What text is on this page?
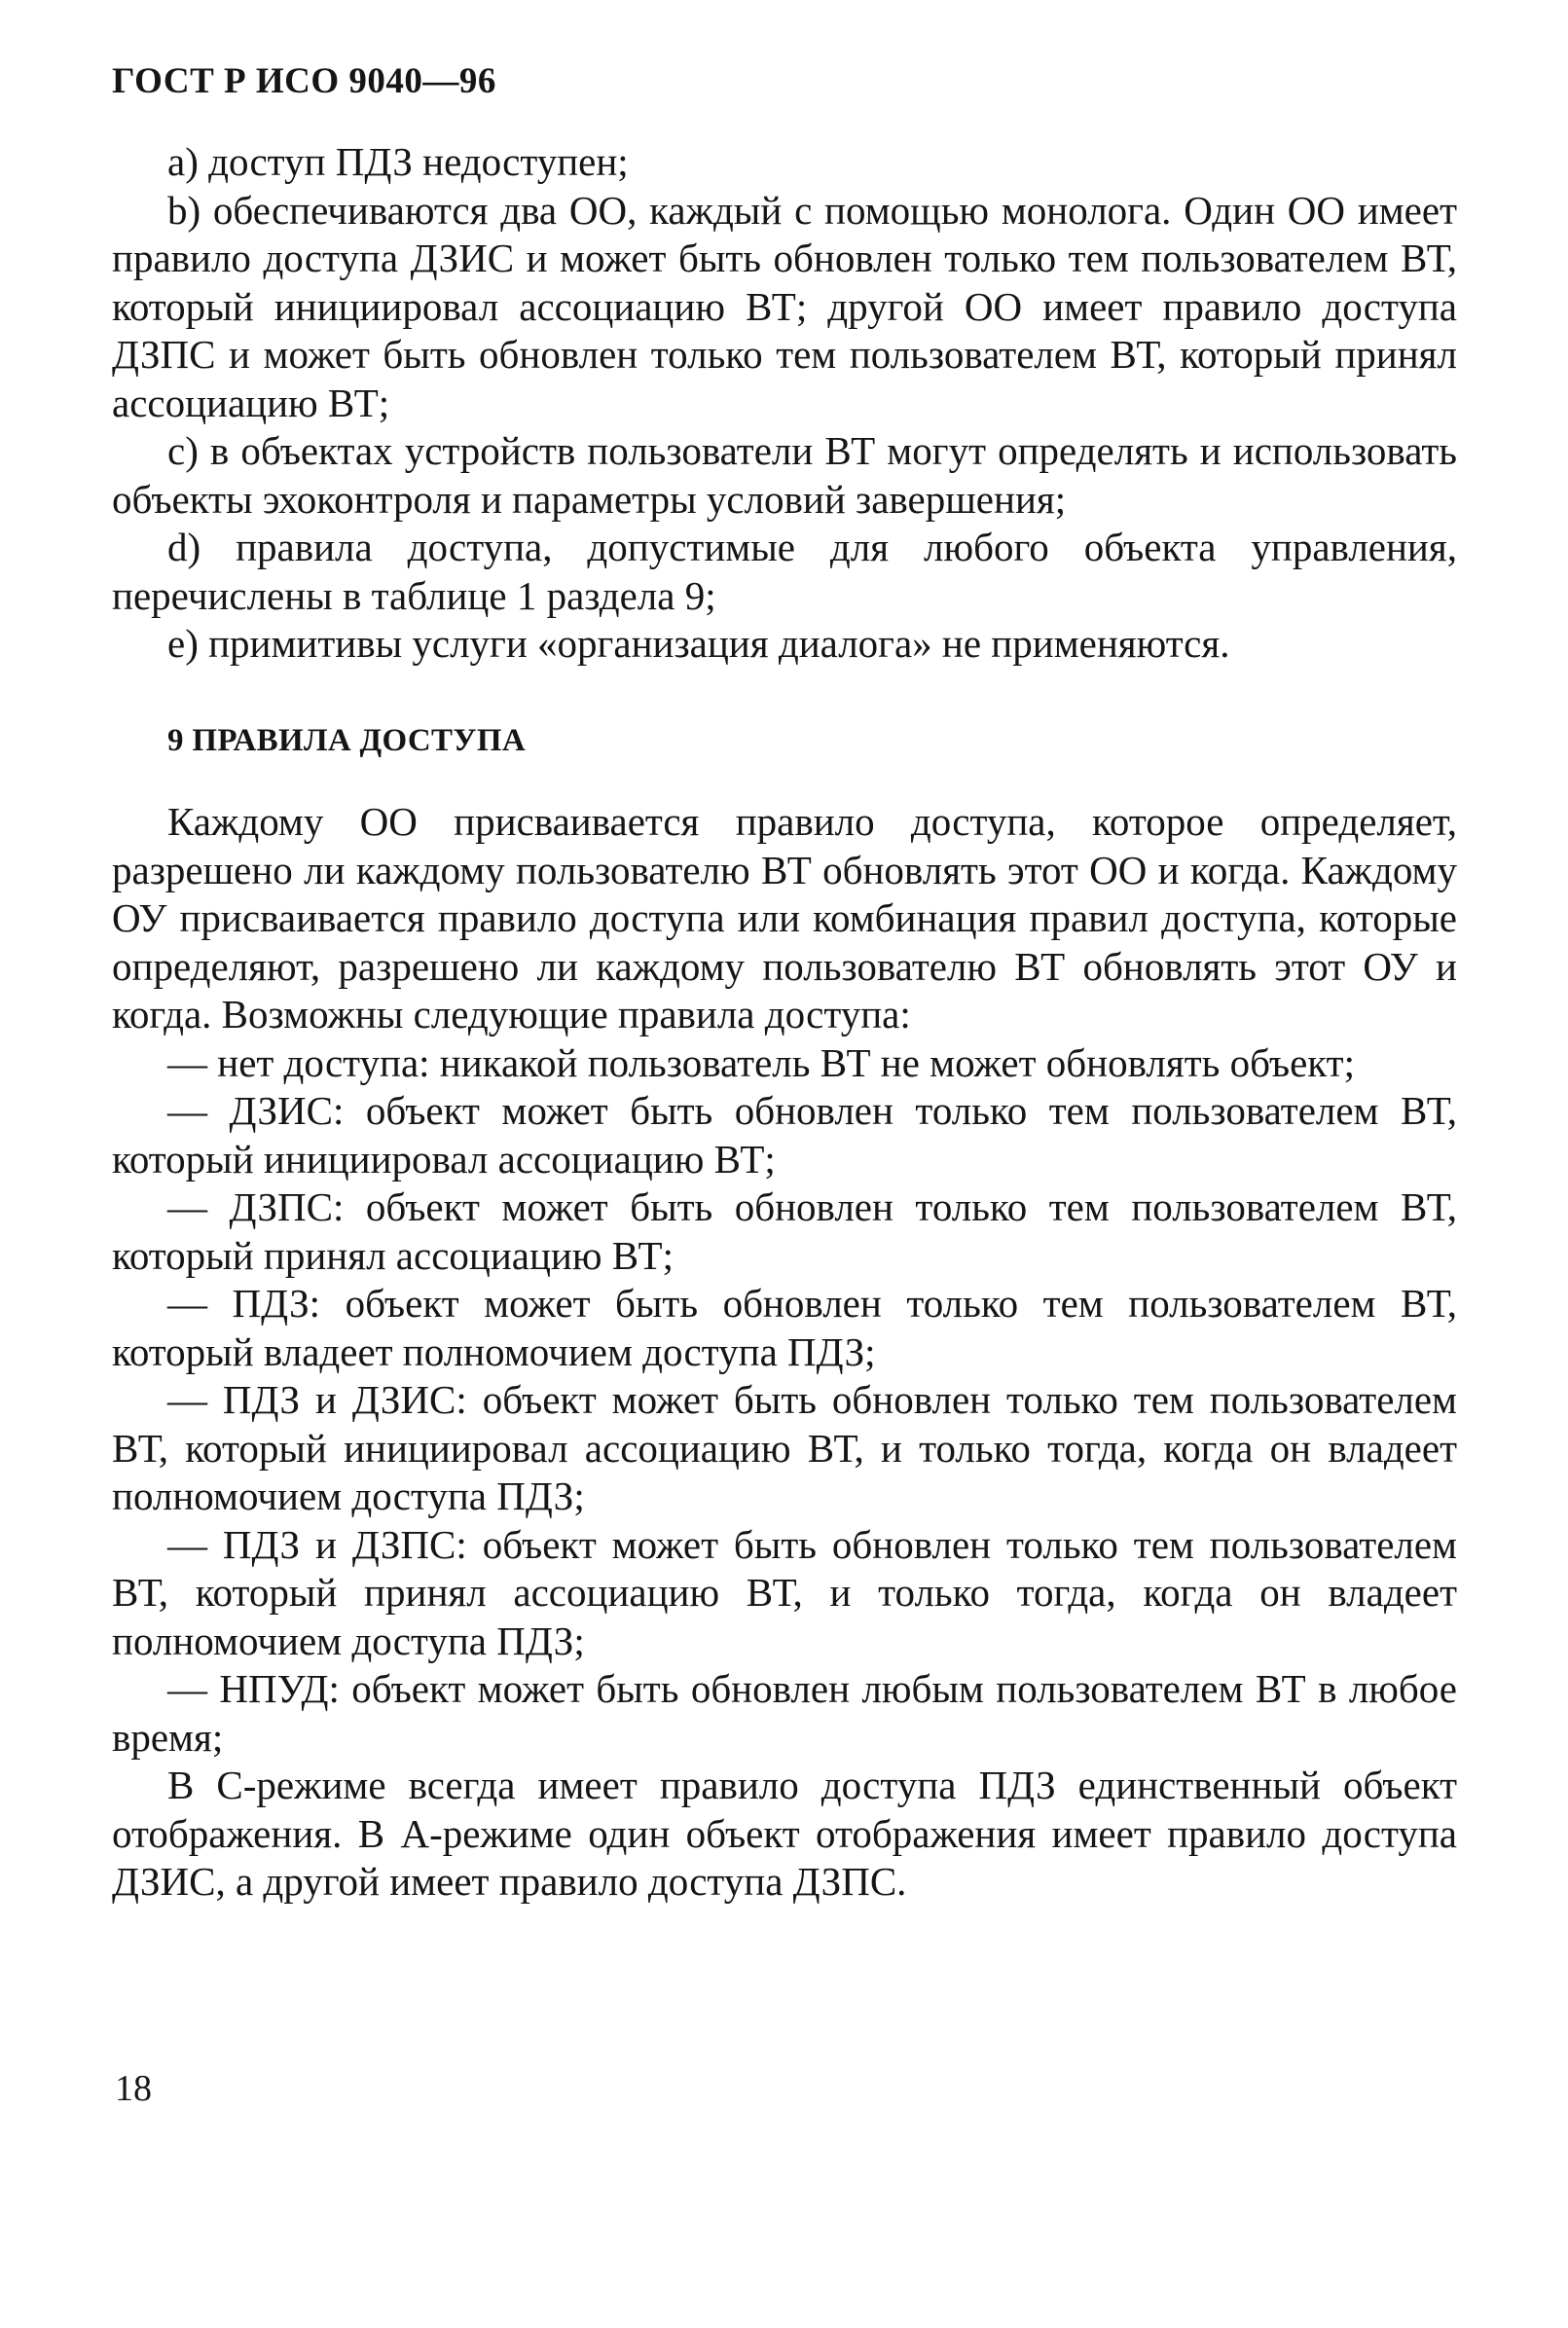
ГОСТ Р ИСО 9040—96

a) доступ ПДЗ недоступен;

b) обеспечиваются два ОО, каждый с помощью монолога. Один ОО имеет правило доступа ДЗИС и может быть обновлен только тем пользователем ВТ, который инициировал ассоциацию ВТ; другой ОО имеет правило доступа ДЗПС и может быть обновлен только тем пользователем ВТ, который принял ассоциацию ВТ;

c) в объектах устройств пользователи ВТ могут определять и использовать объекты эхоконтроля и параметры условий завершения;

d) правила доступа, допустимые для любого объекта управления, перечислены в таблице 1 раздела 9;

e) примитивы услуги «организация диалога» не применяются.

9 ПРАВИЛА ДОСТУПА

Каждому ОО присваивается правило доступа, которое определяет, разрешено ли каждому пользователю ВТ обновлять этот ОО и когда. Каждому ОУ присваивается правило доступа или комбинация правил доступа, которые определяют, разрешено ли каждому пользователю ВТ обновлять этот ОУ и когда. Возможны следующие правила доступа:

— нет доступа: никакой пользователь ВТ не может обновлять объект;

— ДЗИС: объект может быть обновлен только тем пользователем ВТ, который инициировал ассоциацию ВТ;

— ДЗПС: объект может быть обновлен только тем пользователем ВТ, который принял ассоциацию ВТ;

— ПДЗ: объект может быть обновлен только тем пользователем ВТ, который владеет полномочием доступа ПДЗ;

— ПДЗ и ДЗИС: объект может быть обновлен только тем пользователем ВТ, который инициировал ассоциацию ВТ, и только тогда, когда он владеет полномочием доступа ПДЗ;

— ПДЗ и ДЗПС: объект может быть обновлен только тем пользователем ВТ, который принял ассоциацию ВТ, и только тогда, когда он владеет полномочием доступа ПДЗ;

— НПУД: объект может быть обновлен любым пользователем ВТ в любое время;

В С-режиме всегда имеет правило доступа ПДЗ единственный объект отображения. В А-режиме один объект отображения имеет правило доступа ДЗИС, а другой имеет правило доступа ДЗПС.

18
